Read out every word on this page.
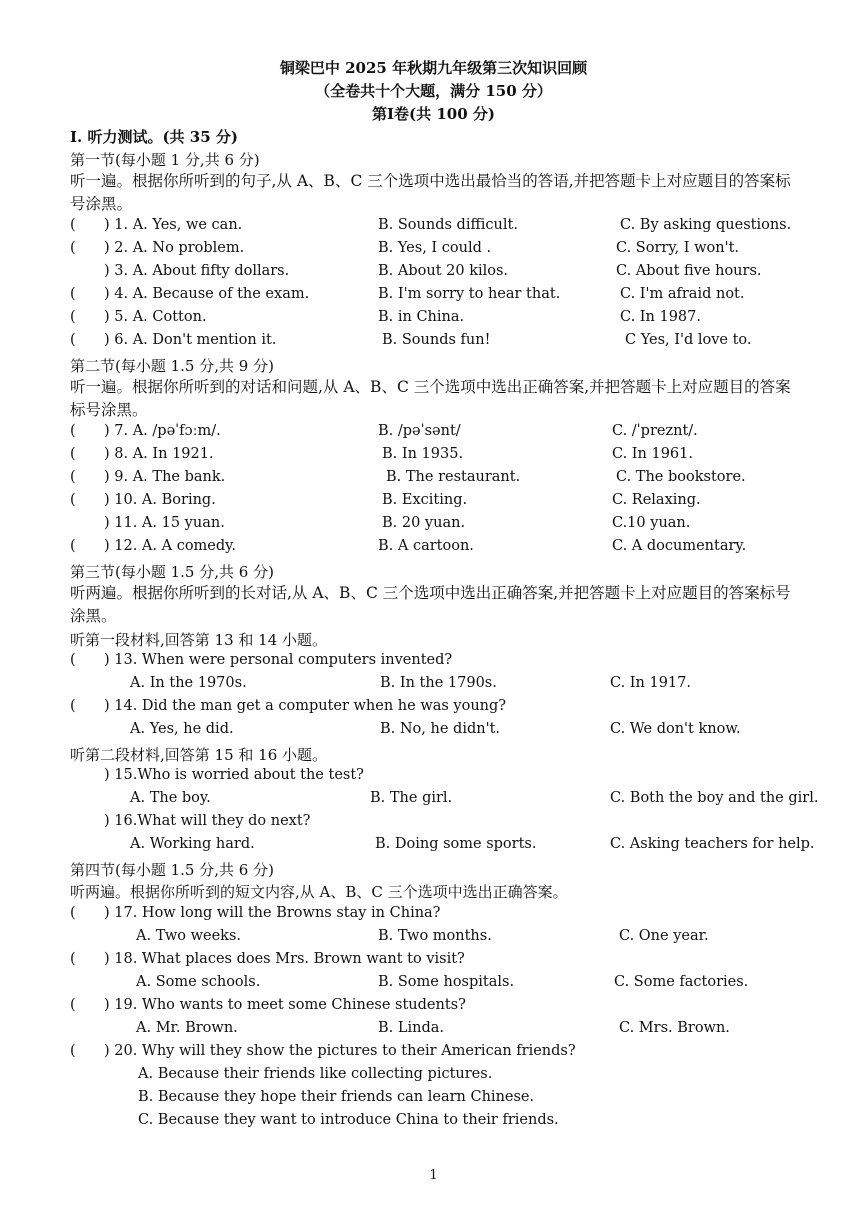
铜梁巴中 2025 年秋期九年级第三次知识回顾
（全卷共十个大题，满分 150 分）
第Ⅰ卷(共 100 分)
Ⅰ. 听力测试。(共 35 分)
第一节(每小题 1 分,共 6 分)
听一遍。根据你所听到的句子,从 A、B、C 三个选项中选出最恰当的答语,并把答题卡上对应题目的答案标号涂黑。
( ) 1. A. Yes, we can.	B. Sounds difficult.	C. By asking questions.
( ) 2. A. No problem.	B. Yes, I could .	C. Sorry, I won't.
) 3. A. About fifty dollars.	B. About 20 kilos.	C. About five hours.
( ) 4. A. Because of the exam.	B. I'm sorry to hear that.	C. I'm afraid not.
( ) 5. A. Cotton.	B. in China.	C. In 1987.
( ) 6. A. Don't mention it.	B. Sounds fun!	C Yes, I'd love to.
第二节(每小题 1.5 分,共 9 分)
听一遍。根据你所听到的对话和问题,从 A、B、C 三个选项中选出正确答案,并把答题卡上对应题目的答案标号涂黑。
( ) 7. A. /pəˈfɔːm/.	B. /pəˈsənt/	C. /ˈpreznt/.
( ) 8. A. In 1921.	B. In 1935.	C. In 1961.
( ) 9. A. The bank.	B. The restaurant.	C. The bookstore.
( ) 10. A. Boring.	B. Exciting.	C. Relaxing.
) 11. A. 15 yuan.	B. 20 yuan.	C.10 yuan.
( ) 12. A. A comedy.	B. A cartoon.	C. A documentary.
第三节(每小题 1.5 分,共 6 分)
听两遍。根据你所听到的长对话,从 A、B、C 三个选项中选出正确答案,并把答题卡上对应题目的答案标号涂黑。
听第一段材料,回答第 13 和 14 小题。
( ) 13. When were personal computers invented?
A. In the 1970s.	B. In the 1790s.	C. In 1917.
( ) 14. Did the man get a computer when he was young?
A. Yes, he did.	B. No, he didn't.	C. We don't know.
听第二段材料,回答第 15 和 16 小题。
) 15.Who is worried about the test?
A. The boy.	B. The girl.	C. Both the boy and the girl.
) 16.What will they do next?
A. Working hard.	B. Doing some sports.	C. Asking teachers for help.
第四节(每小题 1.5 分,共 6 分)
听两遍。根据你所听到的短文内容,从 A、B、C 三个选项中选出正确答案。
( ) 17. How long will the Browns stay in China?
A. Two weeks.	B. Two months.	C. One year.
( ) 18. What places does Mrs. Brown want to visit?
A. Some schools.	B. Some hospitals.	C. Some factories.
( ) 19. Who wants to meet some Chinese students?
A. Mr. Brown.	B. Linda.	C. Mrs. Brown.
( ) 20. Why will they show the pictures to their American friends?
A. Because their friends like collecting pictures.
B. Because they hope their friends can learn Chinese.
C. Because they want to introduce China to their friends.
1
